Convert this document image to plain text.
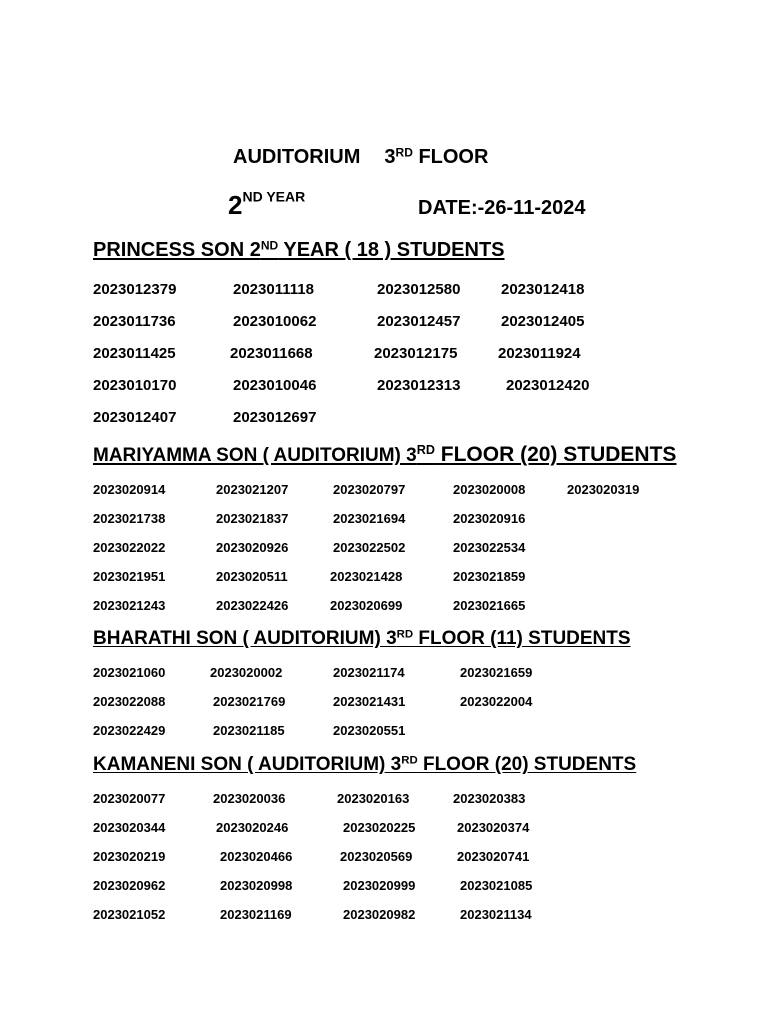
AUDITORIUM 3RD FLOOR
$2^{ND YEAR}$
DATE:-26-11-2024
PRINCESS SON 2ND YEAR ( 18 ) STUDENTS
2023012379	2023011118	2023012580	2023012418
2023011736	2023010062	2023012457	2023012405
2023011425	2023011668	2023012175	2023011924
2023010170	2023010046	2023012313	2023012420
2023012407	2023012697
MARIYAMMA SON ( AUDITORIUM) 3RD FLOOR (20) STUDENTS
2023020914	2023021207	2023020797	2023020008	2023020319
2023021738	2023021837	2023021694	2023020916
2023022022	2023020926	2023022502	2023022534
2023021951	2023020511	2023021428	2023021859
2023021243	2023022426	2023020699	2023021665
BHARATHI SON ( AUDITORIUM) 3RD FLOOR (11) STUDENTS
2023021060	2023020002	2023021174	2023021659
2023022088	2023021769	2023021431	2023022004
2023022429	2023021185	2023020551
KAMANENI SON ( AUDITORIUM) 3RD FLOOR (20) STUDENTS
2023020077	2023020036	2023020163	2023020383
2023020344	2023020246	2023020225	2023020374
2023020219	2023020466	2023020569	2023020741
2023020962	2023020998	2023020999	2023021085
2023021052	2023021169	2023020982	2023021134
